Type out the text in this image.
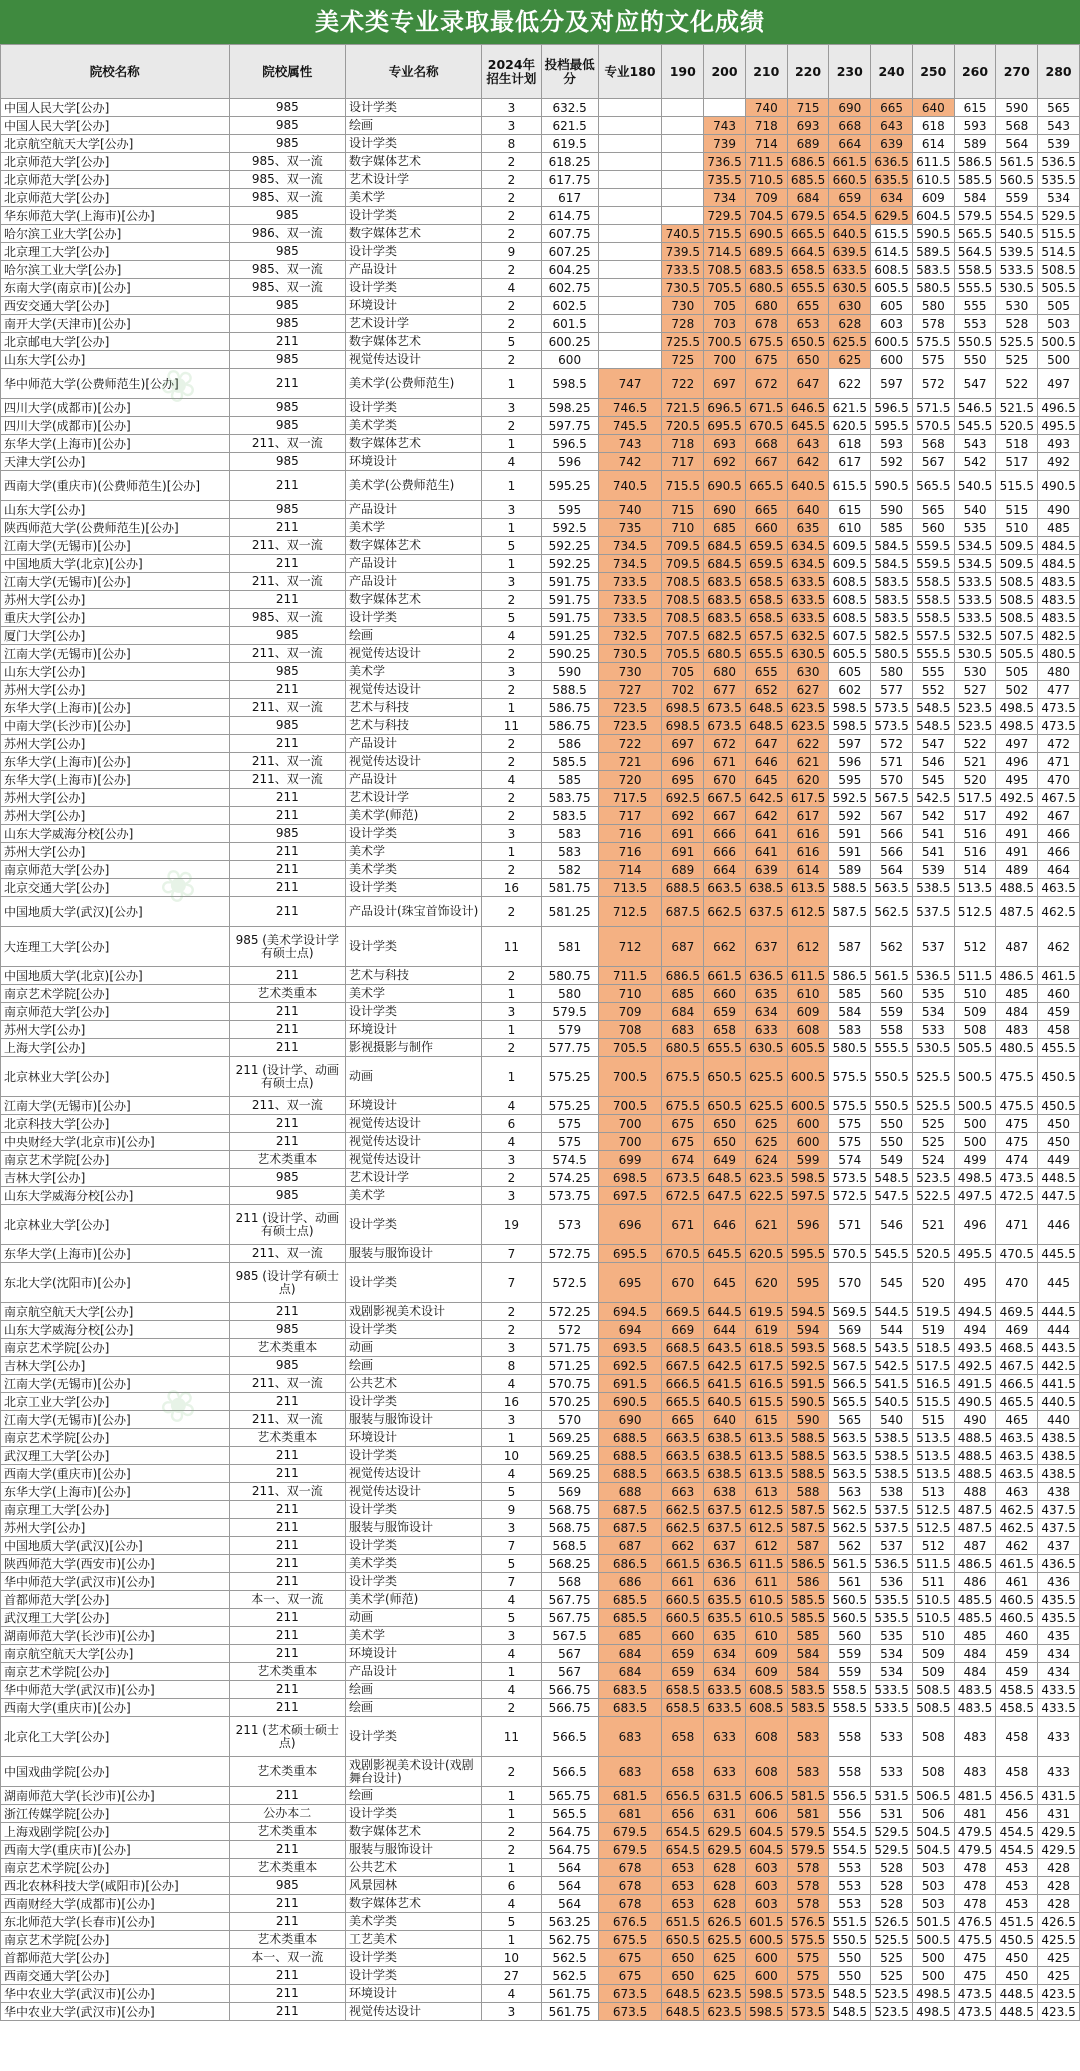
美术类专业录取最低分及对应的文化成绩
院校名称	院校属性	专业名称	2024年招生计划	投档最低分	专业180	190	200	210	220	230	240	250	260	270	280
中国人民大学[公办]	985	设计学类	3	632.5				740	715	690	665	640	615	590	565
中国人民大学[公办]	985	绘画	3	621.5			743	718	693	668	643	618	593	568	543
北京航空航天大学[公办]	985	设计学类	8	619.5			739	714	689	664	639	614	589	564	539
北京师范大学[公办]	985、双一流	数字媒体艺术	2	618.25			736.5	711.5	686.5	661.5	636.5	611.5	586.5	561.5	536.5
北京师范大学[公办]	985、双一流	艺术设计学	2	617.75			735.5	710.5	685.5	660.5	635.5	610.5	585.5	560.5	535.5
北京师范大学[公办]	985、双一流	美术学	2	617			734	709	684	659	634	609	584	559	534
华东师范大学(上海市)[公办]	985	设计学类	2	614.75			729.5	704.5	679.5	654.5	629.5	604.5	579.5	554.5	529.5
哈尔滨工业大学[公办]	986、双一流	数字媒体艺术	2	607.75		740.5	715.5	690.5	665.5	640.5	615.5	590.5	565.5	540.5	515.5
北京理工大学[公办]	985	设计学类	9	607.25		739.5	714.5	689.5	664.5	639.5	614.5	589.5	564.5	539.5	514.5
哈尔滨工业大学[公办]	985、双一流	产品设计	2	604.25		733.5	708.5	683.5	658.5	633.5	608.5	583.5	558.5	533.5	508.5
东南大学(南京市)[公办]	985、双一流	设计学类	4	602.75		730.5	705.5	680.5	655.5	630.5	605.5	580.5	555.5	530.5	505.5
西安交通大学[公办]	985	环境设计	2	602.5		730	705	680	655	630	605	580	555	530	505
南开大学(天津市)[公办]	985	艺术设计学	2	601.5		728	703	678	653	628	603	578	553	528	503
北京邮电大学[公办]	211	数字媒体艺术	5	600.25		725.5	700.5	675.5	650.5	625.5	600.5	575.5	550.5	525.5	500.5
山东大学[公办]	985	视觉传达设计	2	600		725	700	675	650	625	600	575	550	525	500
华中师范大学(公费师范生)[公办]	211	美术学(公费师范生)	1	598.5	747	722	697	672	647	622	597	572	547	522	497
四川大学(成都市)[公办]	985	设计学类	3	598.25	746.5	721.5	696.5	671.5	646.5	621.5	596.5	571.5	546.5	521.5	496.5
四川大学(成都市)[公办]	985	美术学类	2	597.75	745.5	720.5	695.5	670.5	645.5	620.5	595.5	570.5	545.5	520.5	495.5
东华大学(上海市)[公办]	211、双一流	数字媒体艺术	1	596.5	743	718	693	668	643	618	593	568	543	518	493
天津大学[公办]	985	环境设计	4	596	742	717	692	667	642	617	592	567	542	517	492
西南大学(重庆市)(公费师范生)[公办]	211	美术学(公费师范生)	1	595.25	740.5	715.5	690.5	665.5	640.5	615.5	590.5	565.5	540.5	515.5	490.5
山东大学[公办]	985	产品设计	3	595	740	715	690	665	640	615	590	565	540	515	490
陕西师范大学(公费师范生)[公办]	211	美术学	1	592.5	735	710	685	660	635	610	585	560	535	510	485
江南大学(无锡市)[公办]	211、双一流	数字媒体艺术	5	592.25	734.5	709.5	684.5	659.5	634.5	609.5	584.5	559.5	534.5	509.5	484.5
中国地质大学(北京)[公办]	211	产品设计	1	592.25	734.5	709.5	684.5	659.5	634.5	609.5	584.5	559.5	534.5	509.5	484.5
江南大学(无锡市)[公办]	211、双一流	产品设计	3	591.75	733.5	708.5	683.5	658.5	633.5	608.5	583.5	558.5	533.5	508.5	483.5
苏州大学[公办]	211	数字媒体艺术	2	591.75	733.5	708.5	683.5	658.5	633.5	608.5	583.5	558.5	533.5	508.5	483.5
重庆大学[公办]	985、双一流	设计学类	5	591.75	733.5	708.5	683.5	658.5	633.5	608.5	583.5	558.5	533.5	508.5	483.5
厦门大学[公办]	985	绘画	4	591.25	732.5	707.5	682.5	657.5	632.5	607.5	582.5	557.5	532.5	507.5	482.5
江南大学(无锡市)[公办]	211、双一流	视觉传达设计	2	590.25	730.5	705.5	680.5	655.5	630.5	605.5	580.5	555.5	530.5	505.5	480.5
山东大学[公办]	985	美术学	3	590	730	705	680	655	630	605	580	555	530	505	480
苏州大学[公办]	211	视觉传达设计	2	588.5	727	702	677	652	627	602	577	552	527	502	477
东华大学(上海市)[公办]	211、双一流	艺术与科技	1	586.75	723.5	698.5	673.5	648.5	623.5	598.5	573.5	548.5	523.5	498.5	473.5
中南大学(长沙市)[公办]	985	艺术与科技	11	586.75	723.5	698.5	673.5	648.5	623.5	598.5	573.5	548.5	523.5	498.5	473.5
苏州大学[公办]	211	产品设计	2	586	722	697	672	647	622	597	572	547	522	497	472
东华大学(上海市)[公办]	211、双一流	视觉传达设计	2	585.5	721	696	671	646	621	596	571	546	521	496	471
东华大学(上海市)[公办]	211、双一流	产品设计	4	585	720	695	670	645	620	595	570	545	520	495	470
苏州大学[公办]	211	艺术设计学	2	583.75	717.5	692.5	667.5	642.5	617.5	592.5	567.5	542.5	517.5	492.5	467.5
苏州大学[公办]	211	美术学(师范)	2	583.5	717	692	667	642	617	592	567	542	517	492	467
山东大学威海分校[公办]	985	设计学类	3	583	716	691	666	641	616	591	566	541	516	491	466
苏州大学[公办]	211	美术学	1	583	716	691	666	641	616	591	566	541	516	491	466
南京师范大学[公办]	211	美术学类	2	582	714	689	664	639	614	589	564	539	514	489	464
北京交通大学[公办]	211	设计学类	16	581.75	713.5	688.5	663.5	638.5	613.5	588.5	563.5	538.5	513.5	488.5	463.5
中国地质大学(武汉)[公办]	211	产品设计(珠宝首饰设计)	2	581.25	712.5	687.5	662.5	637.5	612.5	587.5	562.5	537.5	512.5	487.5	462.5
大连理工大学[公办]	985 (美术学设计学有硕士点)	设计学类	11	581	712	687	662	637	612	587	562	537	512	487	462
中国地质大学(北京)[公办]	211	艺术与科技	2	580.75	711.5	686.5	661.5	636.5	611.5	586.5	561.5	536.5	511.5	486.5	461.5
南京艺术学院[公办]	艺术类重本	美术学	1	580	710	685	660	635	610	585	560	535	510	485	460
南京师范大学[公办]	211	设计学类	3	579.5	709	684	659	634	609	584	559	534	509	484	459
苏州大学[公办]	211	环境设计	1	579	708	683	658	633	608	583	558	533	508	483	458
上海大学[公办]	211	影视摄影与制作	2	577.75	705.5	680.5	655.5	630.5	605.5	580.5	555.5	530.5	505.5	480.5	455.5
北京林业大学[公办]	211 (设计学、动画有硕士点)	动画	1	575.25	700.5	675.5	650.5	625.5	600.5	575.5	550.5	525.5	500.5	475.5	450.5
江南大学(无锡市)[公办]	211、双一流	环境设计	4	575.25	700.5	675.5	650.5	625.5	600.5	575.5	550.5	525.5	500.5	475.5	450.5
北京科技大学[公办]	211	视觉传达设计	6	575	700	675	650	625	600	575	550	525	500	475	450
中央财经大学(北京市)[公办]	211	视觉传达设计	4	575	700	675	650	625	600	575	550	525	500	475	450
南京艺术学院[公办]	艺术类重本	视觉传达设计	3	574.5	699	674	649	624	599	574	549	524	499	474	449
吉林大学[公办]	985	艺术设计学	2	574.25	698.5	673.5	648.5	623.5	598.5	573.5	548.5	523.5	498.5	473.5	448.5
山东大学威海分校[公办]	985	美术学	3	573.75	697.5	672.5	647.5	622.5	597.5	572.5	547.5	522.5	497.5	472.5	447.5
北京林业大学[公办]	211 (设计学、动画有硕士点)	设计学类	19	573	696	671	646	621	596	571	546	521	496	471	446
东华大学(上海市)[公办]	211、双一流	服装与服饰设计	7	572.75	695.5	670.5	645.5	620.5	595.5	570.5	545.5	520.5	495.5	470.5	445.5
东北大学(沈阳市)[公办]	985 (设计学有硕士点)	设计学类	7	572.5	695	670	645	620	595	570	545	520	495	470	445
南京航空航天大学[公办]	211	戏剧影视美术设计	2	572.25	694.5	669.5	644.5	619.5	594.5	569.5	544.5	519.5	494.5	469.5	444.5
山东大学威海分校[公办]	985	设计学类	2	572	694	669	644	619	594	569	544	519	494	469	444
南京艺术学院[公办]	艺术类重本	动画	3	571.75	693.5	668.5	643.5	618.5	593.5	568.5	543.5	518.5	493.5	468.5	443.5
吉林大学[公办]	985	绘画	8	571.25	692.5	667.5	642.5	617.5	592.5	567.5	542.5	517.5	492.5	467.5	442.5
江南大学(无锡市)[公办]	211、双一流	公共艺术	4	570.75	691.5	666.5	641.5	616.5	591.5	566.5	541.5	516.5	491.5	466.5	441.5
北京工业大学[公办]	211	设计学类	16	570.25	690.5	665.5	640.5	615.5	590.5	565.5	540.5	515.5	490.5	465.5	440.5
江南大学(无锡市)[公办]	211、双一流	服装与服饰设计	3	570	690	665	640	615	590	565	540	515	490	465	440
南京艺术学院[公办]	艺术类重本	环境设计	1	569.25	688.5	663.5	638.5	613.5	588.5	563.5	538.5	513.5	488.5	463.5	438.5
武汉理工大学[公办]	211	设计学类	10	569.25	688.5	663.5	638.5	613.5	588.5	563.5	538.5	513.5	488.5	463.5	438.5
西南大学(重庆市)[公办]	211	视觉传达设计	4	569.25	688.5	663.5	638.5	613.5	588.5	563.5	538.5	513.5	488.5	463.5	438.5
东华大学(上海市)[公办]	211、双一流	视觉传达设计	5	569	688	663	638	613	588	563	538	513	488	463	438
南京理工大学[公办]	211	设计学类	9	568.75	687.5	662.5	637.5	612.5	587.5	562.5	537.5	512.5	487.5	462.5	437.5
苏州大学[公办]	211	服装与服饰设计	3	568.75	687.5	662.5	637.5	612.5	587.5	562.5	537.5	512.5	487.5	462.5	437.5
中国地质大学(武汉)[公办]	211	设计学类	7	568.5	687	662	637	612	587	562	537	512	487	462	437
陕西师范大学(西安市)[公办]	211	美术学类	5	568.25	686.5	661.5	636.5	611.5	586.5	561.5	536.5	511.5	486.5	461.5	436.5
华中师范大学(武汉市)[公办]	211	设计学类	7	568	686	661	636	611	586	561	536	511	486	461	436
首都师范大学[公办]	本一、双一流	美术学(师范)	4	567.75	685.5	660.5	635.5	610.5	585.5	560.5	535.5	510.5	485.5	460.5	435.5
武汉理工大学[公办]	211	动画	5	567.75	685.5	660.5	635.5	610.5	585.5	560.5	535.5	510.5	485.5	460.5	435.5
湖南师范大学(长沙市)[公办]	211	美术学	3	567.5	685	660	635	610	585	560	535	510	485	460	435
南京航空航天大学[公办]	211	环境设计	4	567	684	659	634	609	584	559	534	509	484	459	434
南京艺术学院[公办]	艺术类重本	产品设计	1	567	684	659	634	609	584	559	534	509	484	459	434
华中师范大学(武汉市)[公办]	211	绘画	4	566.75	683.5	658.5	633.5	608.5	583.5	558.5	533.5	508.5	483.5	458.5	433.5
西南大学(重庆市)[公办]	211	绘画	2	566.75	683.5	658.5	633.5	608.5	583.5	558.5	533.5	508.5	483.5	458.5	433.5
北京化工大学[公办]	211 (艺术硕士硕士点)	设计学类	11	566.5	683	658	633	608	583	558	533	508	483	458	433
中国戏曲学院[公办]	艺术类重本	戏剧影视美术设计(戏剧舞台设计)	2	566.5	683	658	633	608	583	558	533	508	483	458	433
湖南师范大学(长沙市)[公办]	211	绘画	1	565.75	681.5	656.5	631.5	606.5	581.5	556.5	531.5	506.5	481.5	456.5	431.5
浙江传媒学院[公办]	公办本二	设计学类	1	565.5	681	656	631	606	581	556	531	506	481	456	431
上海戏剧学院[公办]	艺术类重本	数字媒体艺术	2	564.75	679.5	654.5	629.5	604.5	579.5	554.5	529.5	504.5	479.5	454.5	429.5
西南大学(重庆市)[公办]	211	服装与服饰设计	2	564.75	679.5	654.5	629.5	604.5	579.5	554.5	529.5	504.5	479.5	454.5	429.5
南京艺术学院[公办]	艺术类重本	公共艺术	1	564	678	653	628	603	578	553	528	503	478	453	428
西北农林科技大学(咸阳市)[公办]	985	风景园林	6	564	678	653	628	603	578	553	528	503	478	453	428
西南财经大学(成都市)[公办]	211	数字媒体艺术	4	564	678	653	628	603	578	553	528	503	478	453	428
东北师范大学(长春市)[公办]	211	美术学类	5	563.25	676.5	651.5	626.5	601.5	576.5	551.5	526.5	501.5	476.5	451.5	426.5
南京艺术学院[公办]	艺术类重本	工艺美术	1	562.75	675.5	650.5	625.5	600.5	575.5	550.5	525.5	500.5	475.5	450.5	425.5
首都师范大学[公办]	本一、双一流	设计学类	10	562.5	675	650	625	600	575	550	525	500	475	450	425
西南交通大学[公办]	211	设计学类	27	562.5	675	650	625	600	575	550	525	500	475	450	425
华中农业大学(武汉市)[公办]	211	环境设计	4	561.75	673.5	648.5	623.5	598.5	573.5	548.5	523.5	498.5	473.5	448.5	423.5
华中农业大学(武汉市)[公办]	211	视觉传达设计	3	561.75	673.5	648.5	623.5	598.5	573.5	548.5	523.5	498.5	473.5	448.5	423.5
❀
❀
❀
